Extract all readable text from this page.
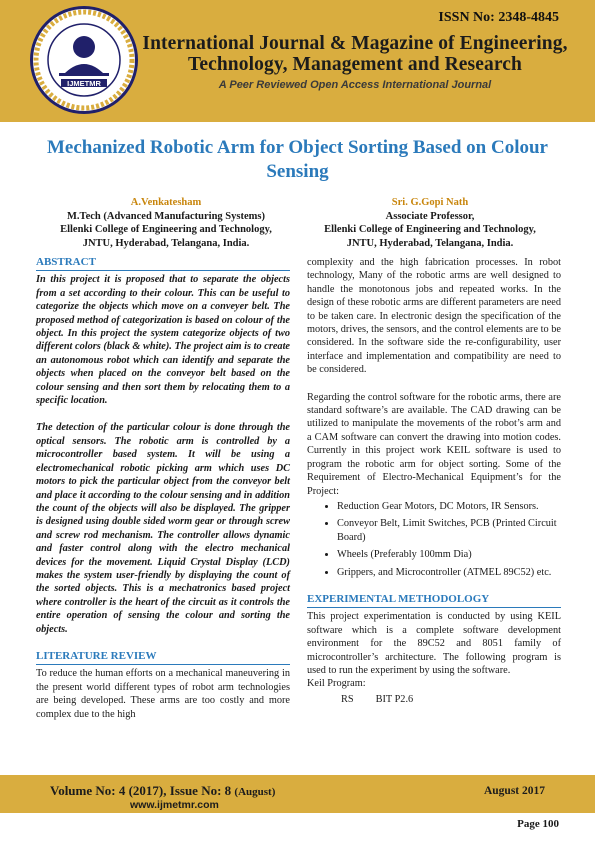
IJMETMR
ISSN No: 2348-4845
International Journal & Magazine of Engineering,
Technology, Management and Research
A Peer Reviewed Open Access International Journal
Mechanized Robotic Arm for Object Sorting Based on Colour
Sensing
A.Venkatesham
M.Tech (Advanced Manufacturing Systems)
Ellenki College of Engineering and Technology,
JNTU, Hyderabad, Telangana, India.
Sri. G.Gopi Nath
Associate Professor,
Ellenki College of Engineering and Technology,
JNTU, Hyderabad, Telangana, India.
ABSTRACT

In this project it is proposed that to separate the objects from a set according to their colour. This can be useful to categorize the objects which move on a conveyer belt. The proposed method of categorization is based on colour of the object. In this project the system categorize objects of two different colors (black & white). The project aim is to create an autonomous robot which can identify and separate the objects when placed on the conveyor belt based on the colour sensing and then sort them by relocating them to a specific location.

The detection of the particular colour is done through the optical sensors. The robotic arm is controlled by a microcontroller based system. It will be using a electromechanical robotic picking arm which uses DC motors to pick the particular object from the conveyor belt and place it according to the colour sensing and in addition the count of the objects will also be displayed. The gripper is designed using double sided worm gear or through screw and screw rod mechanism. The controller allows dynamic and faster control along with the electro mechanical devices for the movement. Liquid Crystal Display (LCD) makes the system user-friendly by displaying the count of the sorted objects. This is a mechatronics based project where controller is the heart of the circuit as it controls the entire operation of sensing the colour and sorting the objects.

LITERATURE REVIEW

To reduce the human efforts on a mechanical maneuvering in the present world different types of robot arm technologies are being developed. These arms are too costly and more complex due to the high

complexity and the high fabrication processes. In robot technology, Many of the robotic arms are well designed to handle the monotonous jobs and repeated works. In the design of these robotic arms are different parameters are need to be taken care. In electronic design the specification of the motors, drives, the sensors, and the control elements are to be considered. In the software side the re-configurability, user interface and implementation and compatibility are need to be considered.

Regarding the control software for the robotic arms, there are standard software’s are available. The CAD drawing can be utilized to manipulate the movements of the robot’s arm and a CAM software can convert the drawing into motion codes. Currently in this project work KEIL software is used to program the robotic arm for object sorting. Some of the Requirement of Electro-Mechanical Equipment’s for the Project:

• Reduction Gear Motors, DC Motors, IR Sensors.
• Conveyor Belt, Limit Switches, PCB (Printed Circuit Board)
• Wheels (Preferably 100mm Dia)
• Grippers, and Microcontroller (ATMEL 89C52) etc.
EXPERIMENTAL METHODOLOGY

This project experimentation is conducted by using KEIL software which is a complete software development environment for the 89C52 and 8051 family of microcontroller’s architecture. The following program is used to run the experiment by using the software.

Keil Program:
RS BIT P2.6
Volume No: 4 (2017), Issue No: 8 (August)
www.ijmetmr.com
August 2017
Page 100
